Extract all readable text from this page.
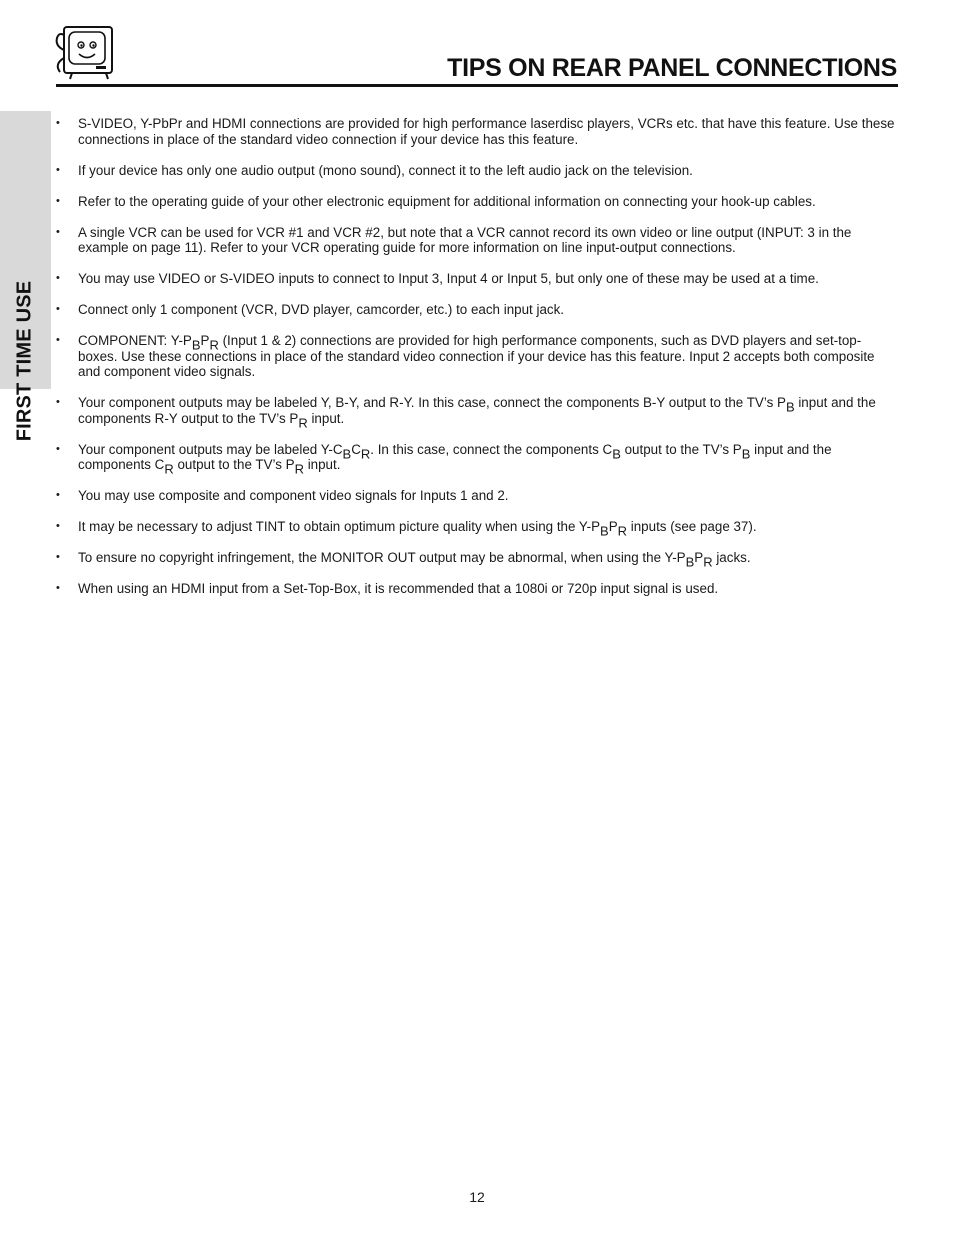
TIPS ON REAR PANEL CONNECTIONS
FIRST TIME USE
• S-VIDEO, Y-PbPr and HDMI connections are provided for high performance laserdisc players, VCRs etc. that have this feature. Use these connections in place of the standard video connection if your device has this feature.
• If your device has only one audio output (mono sound), connect it to the left audio jack on the television.
• Refer to the operating guide of your other electronic equipment for additional information on connecting your hook-up cables.
• A single VCR can be used for VCR #1 and VCR #2, but note that a VCR cannot record its own video or line output (INPUT: 3 in the example on page 11). Refer to your VCR operating guide for more information on line input-output connections.
• You may use VIDEO or S-VIDEO inputs to connect to Input 3, Input 4 or Input 5, but only one of these may be used at a time.
• Connect only 1 component (VCR, DVD player, camcorder, etc.) to each input jack.
• COMPONENT: Y-PBPR (Input 1 & 2) connections are provided for high performance components, such as DVD players and set-top-boxes. Use these connections in place of the standard video connection if your device has this feature. Input 2 accepts both composite and component video signals.
• Your component outputs may be labeled Y, B-Y, and R-Y. In this case, connect the components B-Y output to the TV’s PB input and the components R-Y output to the TV’s PR input.
• Your component outputs may be labeled Y-CBCR. In this case, connect the components CB output to the TV’s PB input and the components CR output to the TV’s PR input.
• You may use composite and component video signals for Inputs 1 and 2.
• It may be necessary to adjust TINT to obtain optimum picture quality when using the Y-PBPR inputs (see page 37).
• To ensure no copyright infringement, the MONITOR OUT output may be abnormal, when using the Y-PBPR jacks.
• When using an HDMI input from a Set-Top-Box, it is recommended that a 1080i or 720p input signal is used.
12
